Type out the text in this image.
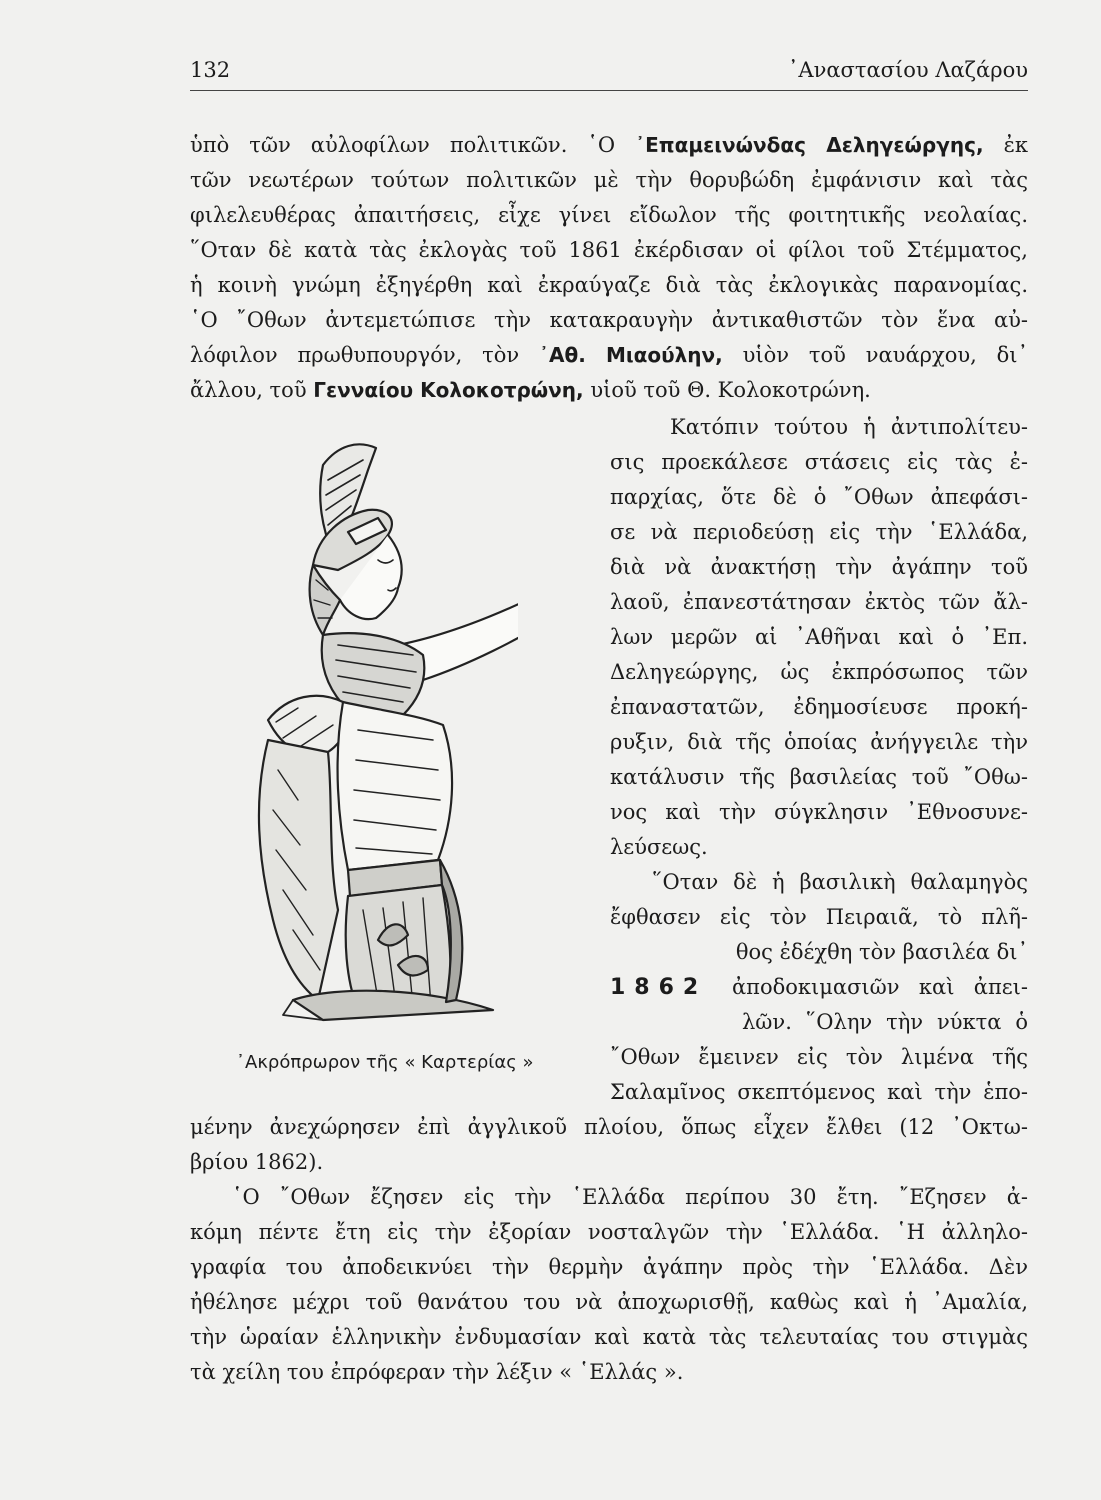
132	᾿Αναστασίου Λαζάρου
ὑπὸ τῶν αὐλοφίλων πολιτικῶν. ῾Ο ᾿Επαμεινώνδας Δεληγεώργης, ἐκ
τῶν νεωτέρων τούτων πολιτικῶν μὲ τὴν θορυβώδη ἐμφάνισιν καὶ τὰς
φιλελευθέρας ἀπαιτήσεις, εἶχε γίνει εἴδωλον τῆς φοιτητικῆς νεολαίας.
῞Οταν δὲ κατὰ τὰς ἐκλογὰς τοῦ 1861 ἐκέρδισαν οἱ φίλοι τοῦ Στέμματος,
ἡ κοινὴ γνώμη ἐξηγέρθη καὶ ἐκραύγαζε διὰ τὰς ἐκλογικὰς παρανομίας.
῾Ο ῎Οθων ἀντεμετώπισε τὴν κατακραυγὴν ἀντικαθιστῶν τὸν ἕνα αὐ-
λόφιλον πρωθυπουργόν, τὸν ᾿Αθ. Μιαούλην, υἱὸν τοῦ ναυάρχου, δι᾿
ἄλλου, τοῦ Γενναίου Κολοκοτρώνη, υἱοῦ τοῦ Θ. Κολοκοτρώνη.
Κατόπιν τούτου ἡ ἀντιπολίτευ-
σις προεκάλεσε στάσεις εἰς τὰς ἐ-
παρχίας, ὅτε δὲ ὁ ῎Οθων ἀπεφάσι-
σε νὰ περιοδεύσῃ εἰς τὴν ῾Ελλάδα,
διὰ νὰ ἀνακτήσῃ τὴν ἀγάπην τοῦ
λαοῦ, ἐπανεστάτησαν ἐκτὸς τῶν ἄλ-
λων μερῶν αἱ ᾿Αθῆναι καὶ ὁ ᾿Επ.
Δεληγεώργης, ὡς ἐκπρόσωπος τῶν
ἐπαναστατῶν, ἐδημοσίευσε προκή-
ρυξιν, διὰ τῆς ὁποίας ἀνήγγειλε τὴν
κατάλυσιν τῆς βασιλείας τοῦ ῎Οθω-
νος καὶ τὴν σύγκλησιν ᾿Εθνοσυνε-
λεύσεως.
῞Οταν δὲ ἡ βασιλικὴ θαλαμηγὸς
ἔφθασεν εἰς τὸν Πειραιᾶ, τὸ πλῆ-
θος ἐδέχθη τὸν βασιλέα δι᾿
1862 ἀποδοκιμασιῶν καὶ ἀπει-
λῶν. ῞Ολην τὴν νύκτα ὁ
῎Οθων ἔμεινεν εἰς τὸν λιμένα τῆς
Σαλαμῖνος σκεπτόμενος καὶ τὴν ἑπο-
᾿Ακρόπρωρον τῆς « Καρτερίας »
μένην ἀνεχώρησεν ἐπὶ ἀγγλικοῦ πλοίου, ὅπως εἶχεν ἔλθει (12 ᾿Οκτω-
βρίου 1862).
῾Ο ῎Οθων ἔζησεν εἰς τὴν ῾Ελλάδα περίπου 30 ἔτη. ῎Εζησεν ἀ-
κόμη πέντε ἔτη εἰς τὴν ἐξορίαν νοσταλγῶν τὴν ῾Ελλάδα. ῾Η ἀλληλο-
γραφία του ἀποδεικνύει τὴν θερμὴν ἀγάπην πρὸς τὴν ῾Ελλάδα. Δὲν
ἠθέλησε μέχρι τοῦ θανάτου του νὰ ἀποχωρισθῇ, καθὼς καὶ ἡ ᾿Αμαλία,
τὴν ὡραίαν ἑλληνικὴν ἐνδυμασίαν καὶ κατὰ τὰς τελευταίας του στιγμὰς
τὰ χείλη του ἐπρόφεραν τὴν λέξιν « ῾Ελλάς ».
